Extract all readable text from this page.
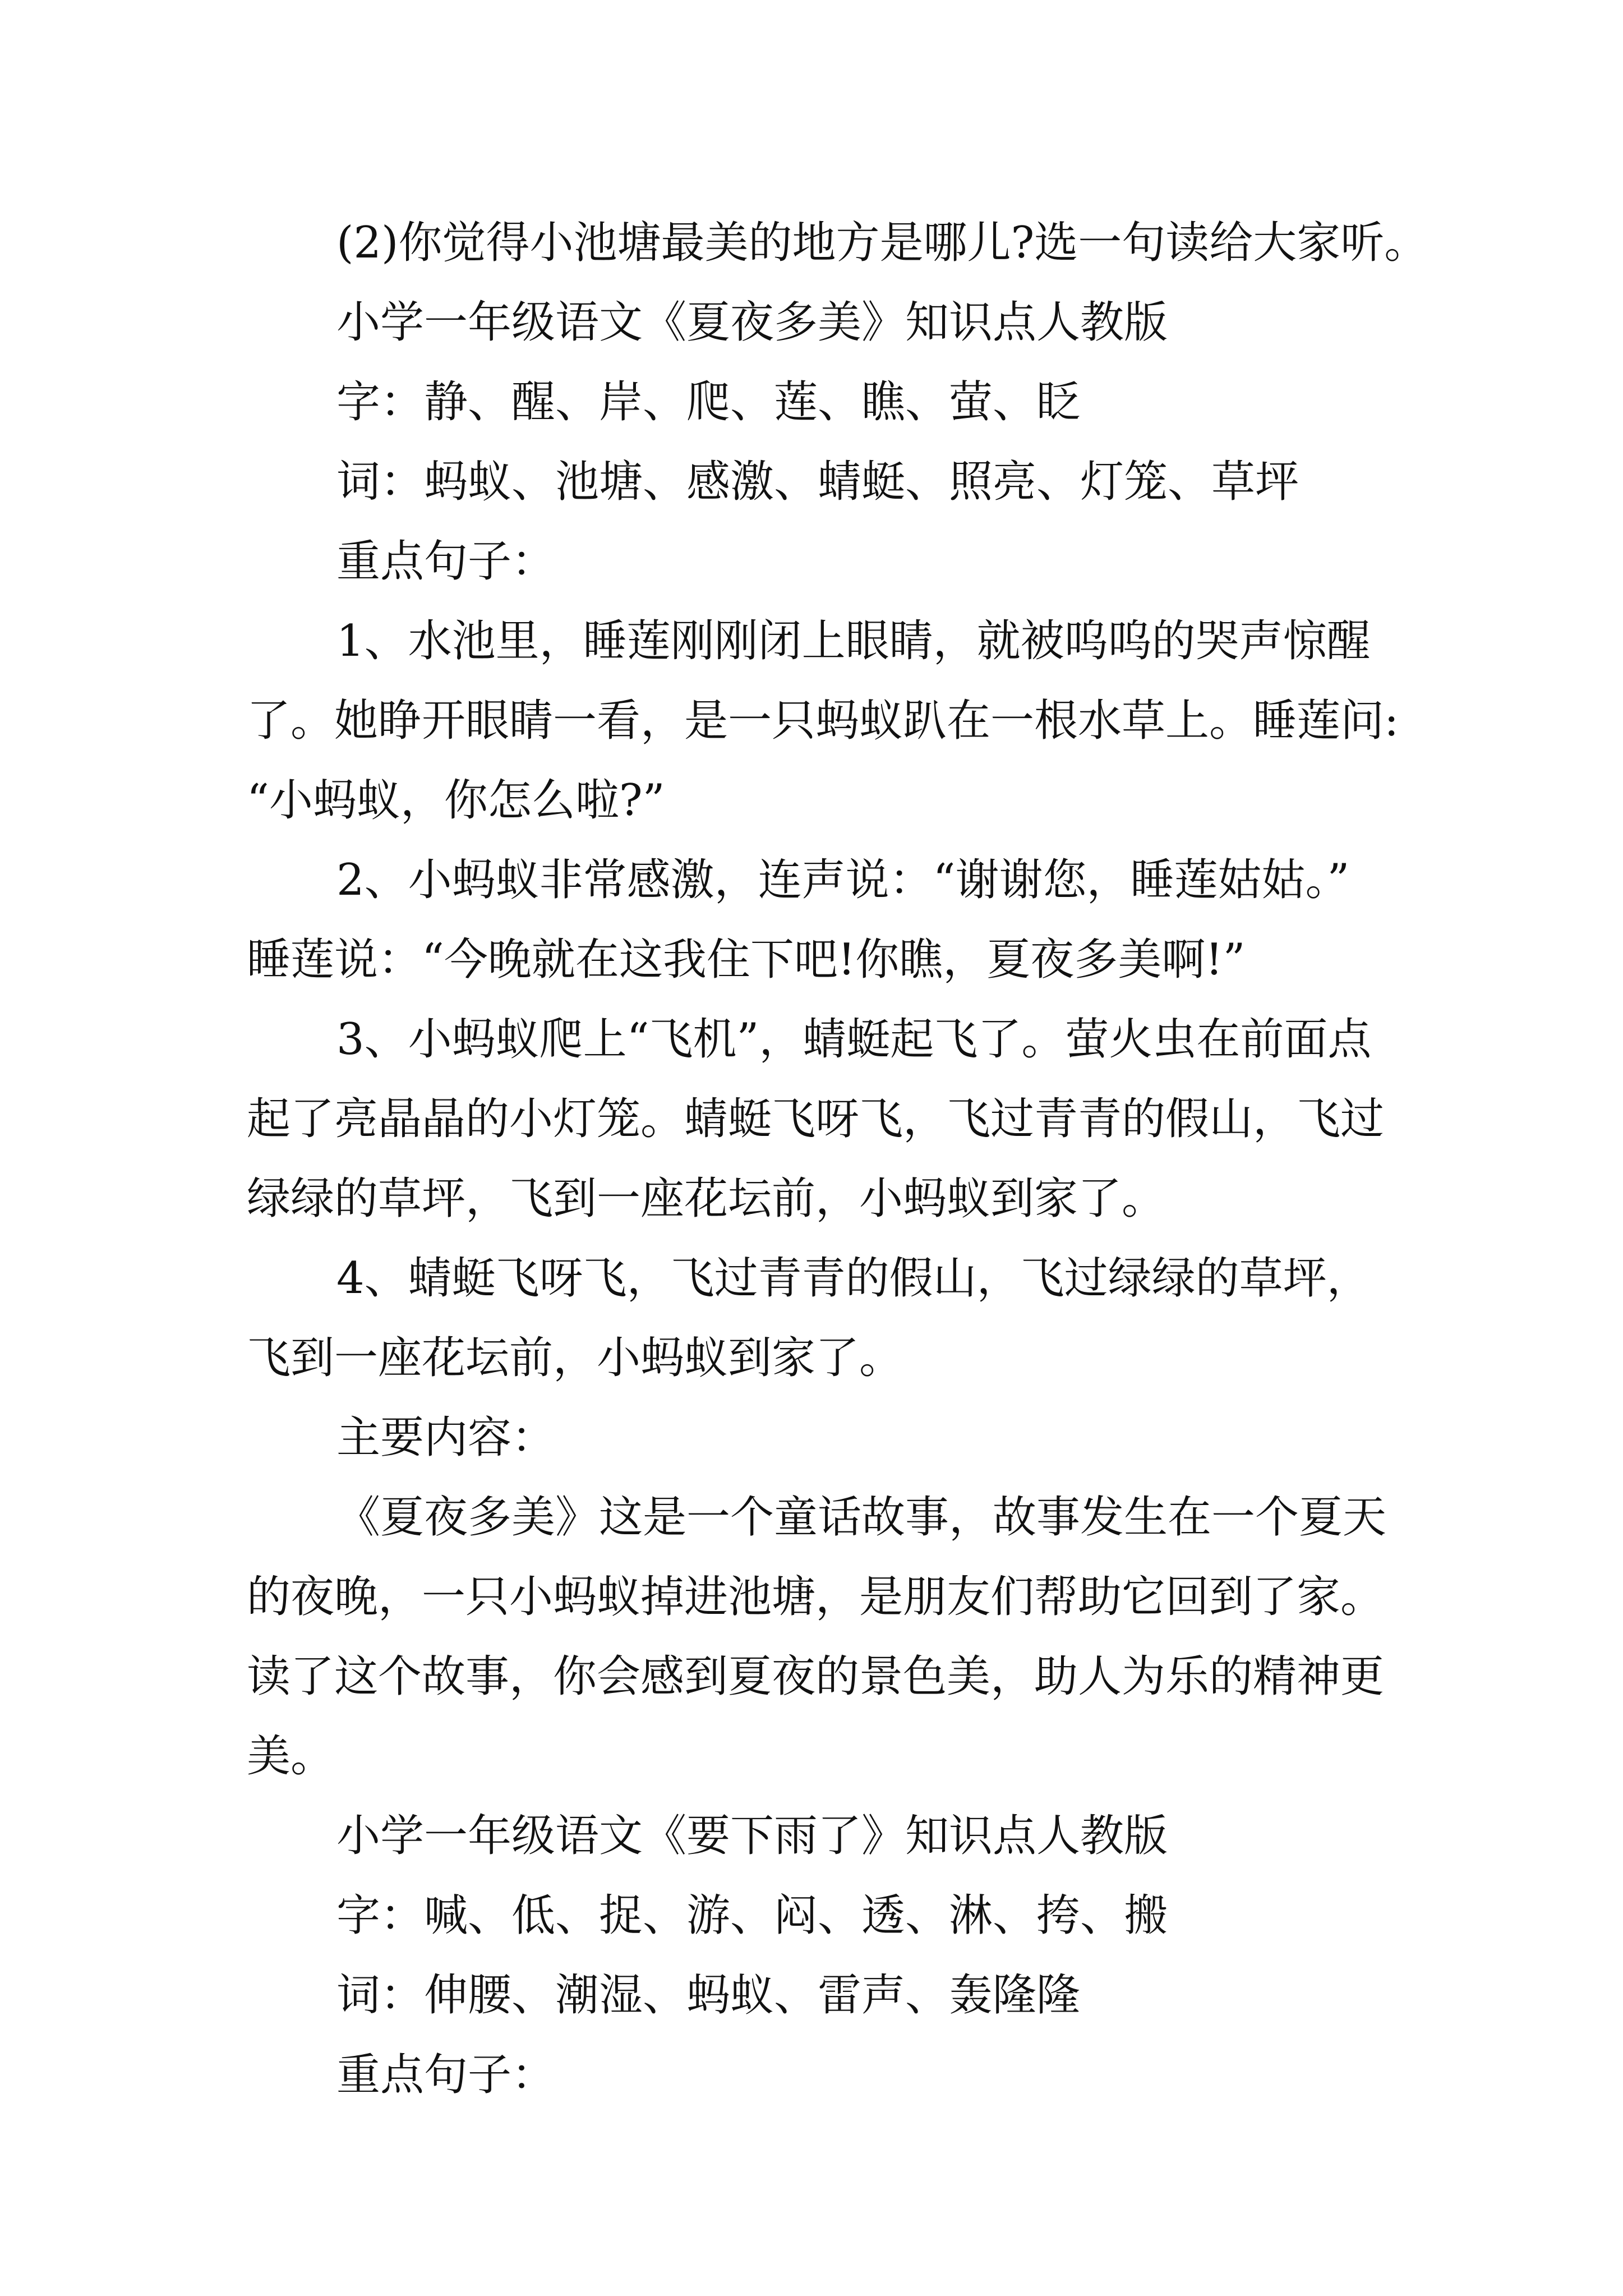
(2)你觉得小池塘最美的地方是哪儿?选一句读给大家听。

小学一年级语文《夏夜多美》知识点人教版

字：静、醒、岸、爬、莲、瞧、萤、眨

词：蚂蚁、池塘、感激、蜻蜓、照亮、灯笼、草坪

重点句子：

1、水池里，睡莲刚刚闭上眼睛，就被呜呜的哭声惊醒

了。她睁开眼睛一看，是一只蚂蚁趴在一根水草上。睡莲问:

“小蚂蚁，你怎么啦?”

2、小蚂蚁非常感激，连声说：“谢谢您，睡莲姑姑。”

睡莲说：“今晚就在这我住下吧!你瞧，夏夜多美啊!”

3、小蚂蚁爬上“飞机”，蜻蜓起飞了。萤火虫在前面点

起了亮晶晶的小灯笼。蜻蜓飞呀飞，飞过青青的假山，飞过

绿绿的草坪，飞到一座花坛前，小蚂蚁到家了。

4、蜻蜓飞呀飞，飞过青青的假山，飞过绿绿的草坪，

飞到一座花坛前，小蚂蚁到家了。

主要内容：

《夏夜多美》这是一个童话故事，故事发生在一个夏天

的夜晚，一只小蚂蚁掉进池塘，是朋友们帮助它回到了家。

读了这个故事，你会感到夏夜的景色美，助人为乐的精神更

美。

小学一年级语文《要下雨了》知识点人教版

字：喊、低、捉、游、闷、透、淋、挎、搬

词：伸腰、潮湿、蚂蚁、雷声、轰隆隆

重点句子：
